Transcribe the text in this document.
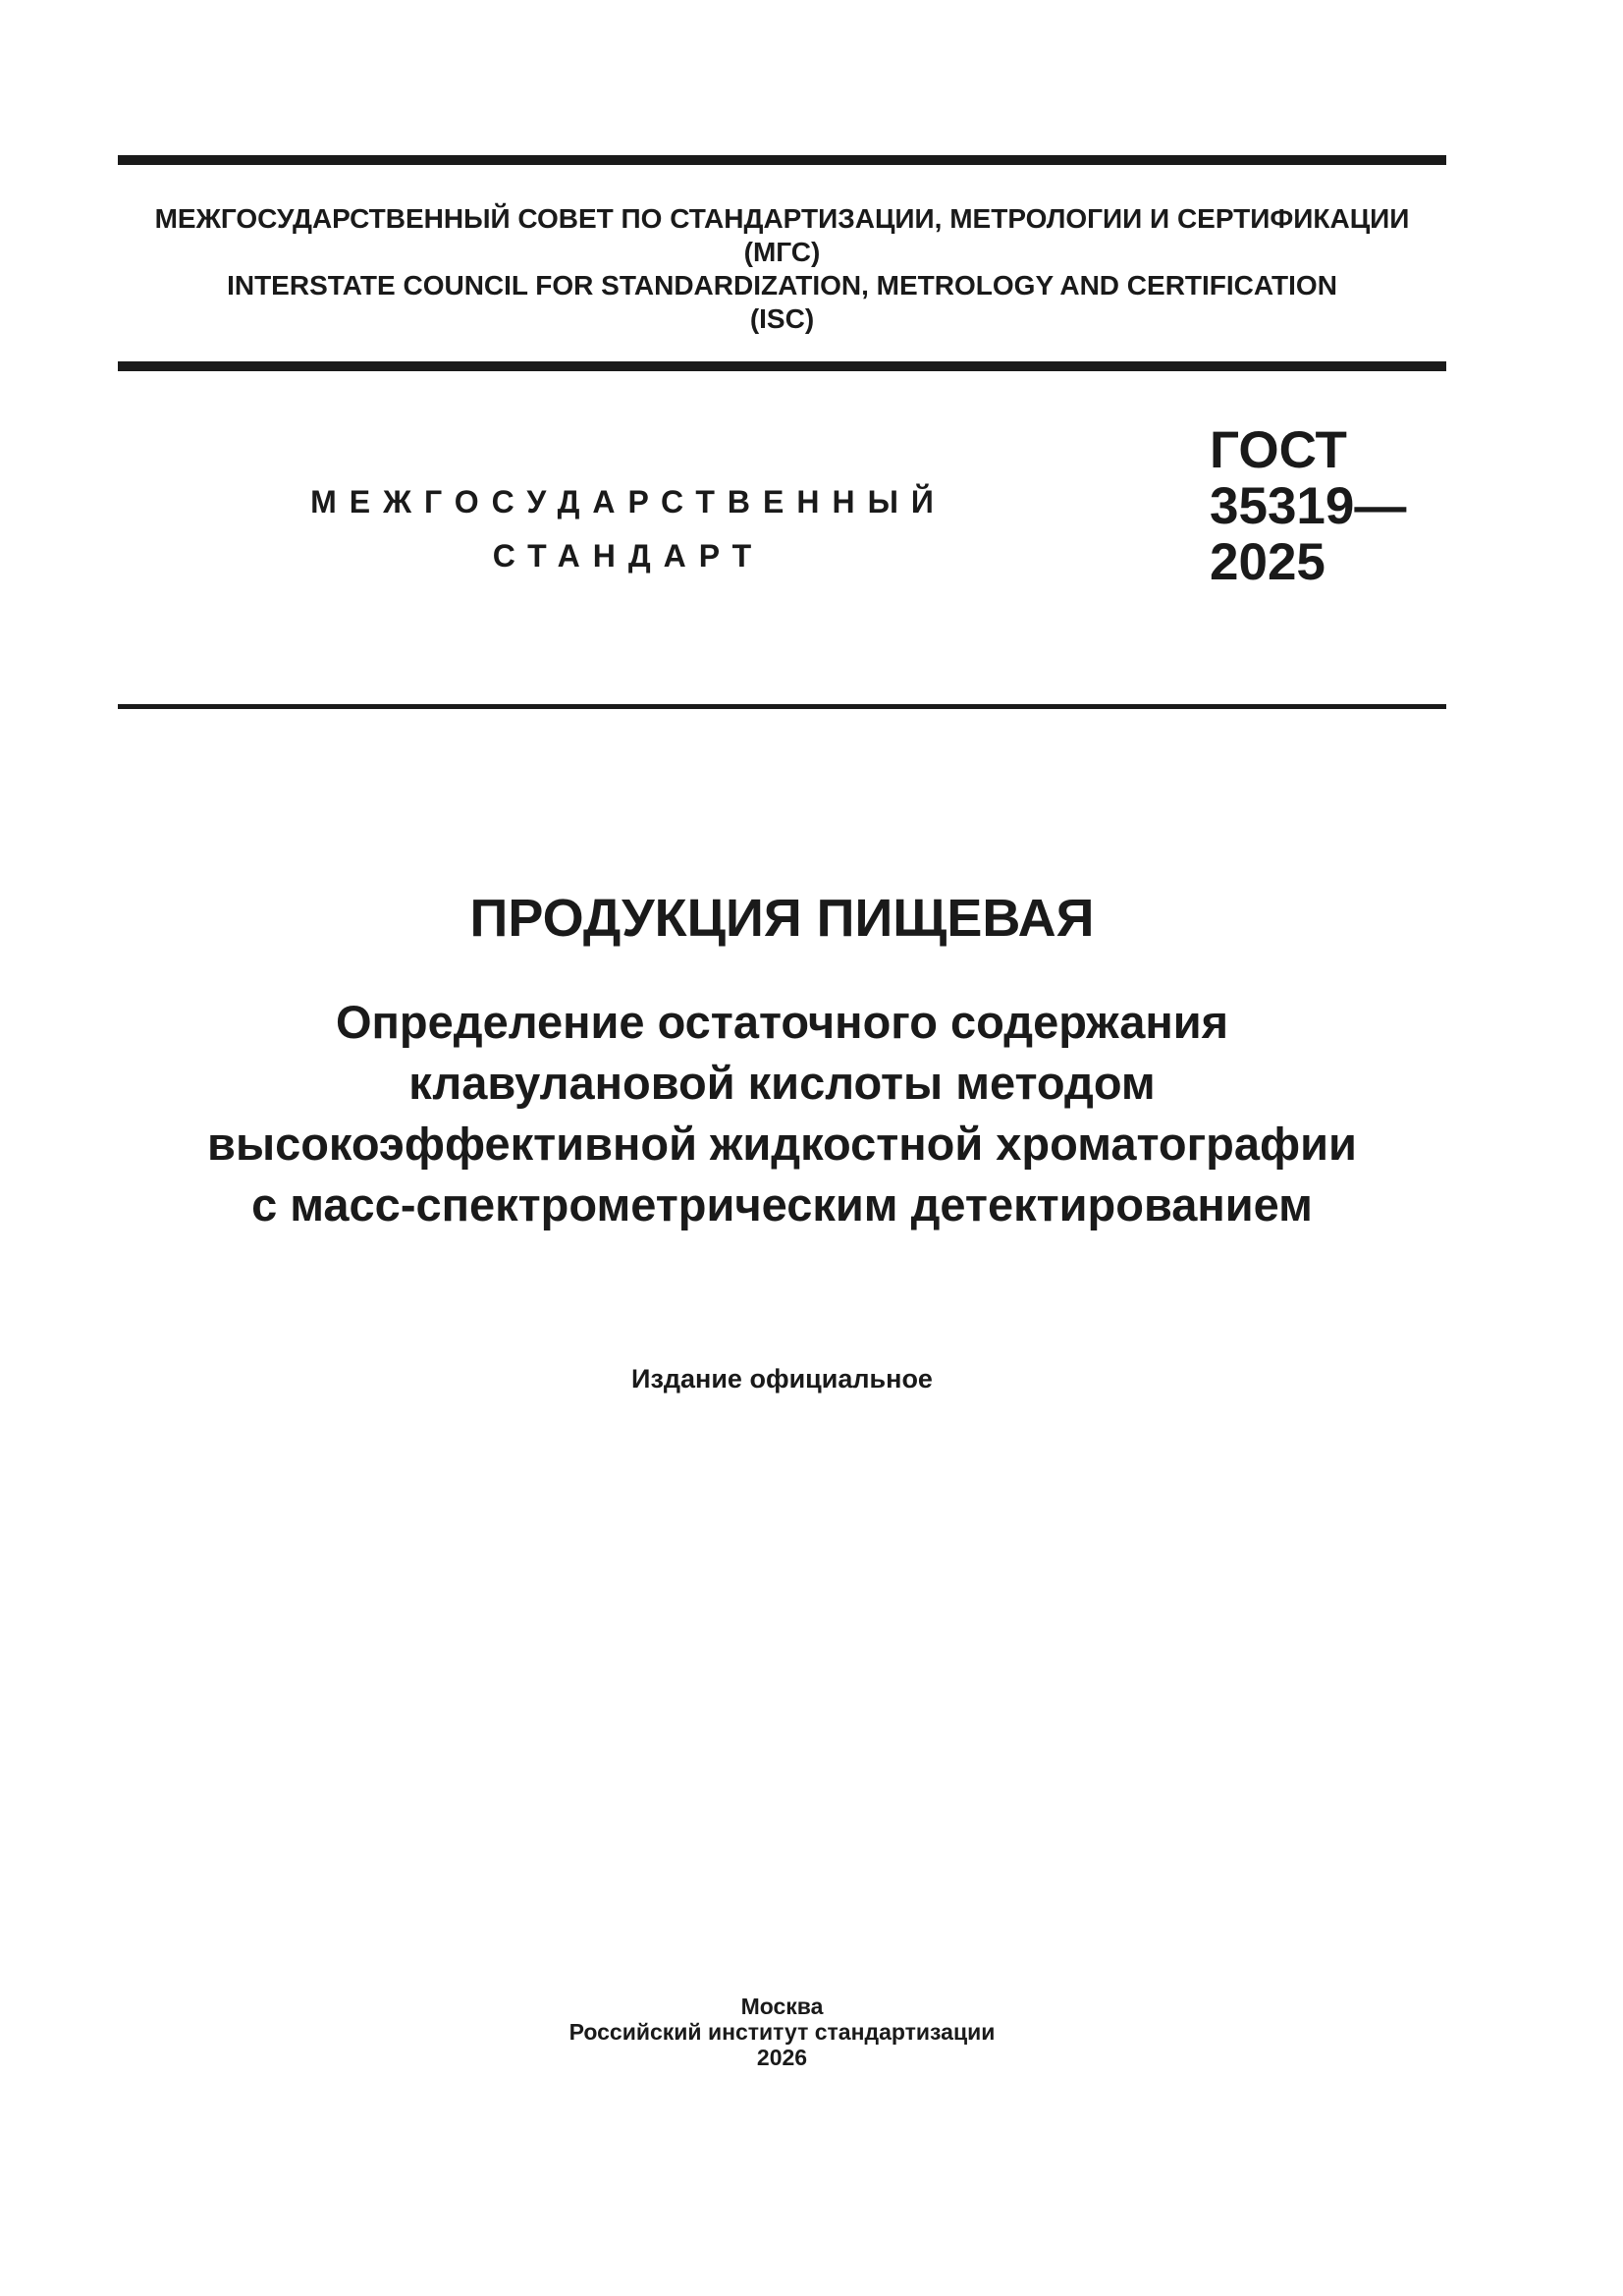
МЕЖГОСУДАРСТВЕННЫЙ СОВЕТ ПО СТАНДАРТИЗАЦИИ, МЕТРОЛОГИИ И СЕРТИФИКАЦИИ
(МГС)
INTERSTATE COUNCIL FOR STANDARDIZATION, METROLOGY AND CERTIFICATION
(ISC)
МЕЖГОСУДАРСТВЕННЫЙ
СТАНДАРТ
ГОСТ
35319—
2025
ПРОДУКЦИЯ ПИЩЕВАЯ
Определение остаточного содержания
клавулановой кислоты методом
высокоэффективной жидкостной хроматографии
с масс-спектрометрическим детектированием
Издание официальное
Москва
Российский институт стандартизации
2026
